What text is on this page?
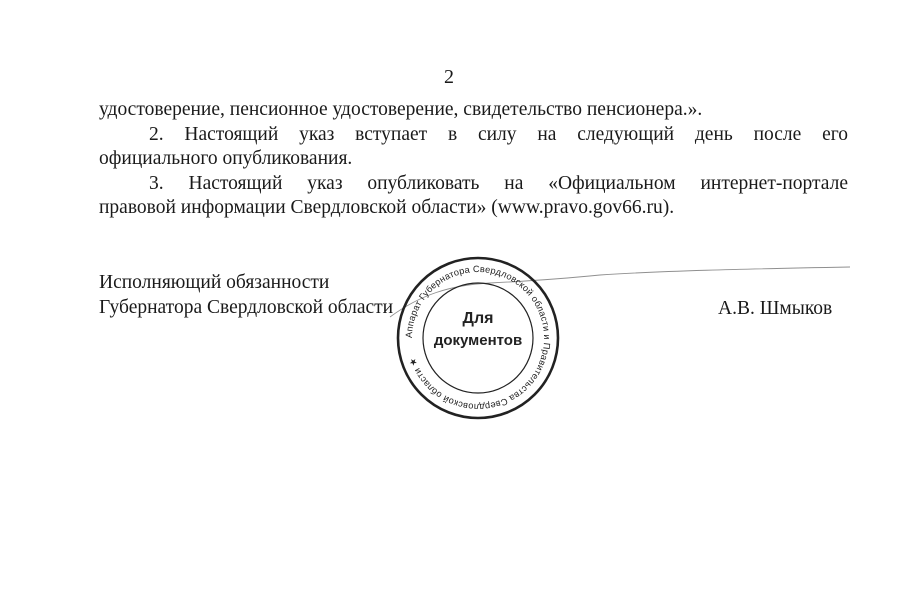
2
удостоверение, пенсионное удостоверение, свидетельство пенсионера.».
2. Настоящий указ вступает в силу на следующий день после его
официального опубликования.
3. Настоящий указ опубликовать на «Официальном интернет-портале
правовой информации Свердловской области» (www.pravo.gov66.ru).
Исполняющий обязанности
Губернатора Свердловской области	А.В. Шмыков
Аппарат Губернатора Свердловской области и Правительства Свердловской области ★
Для
документов
